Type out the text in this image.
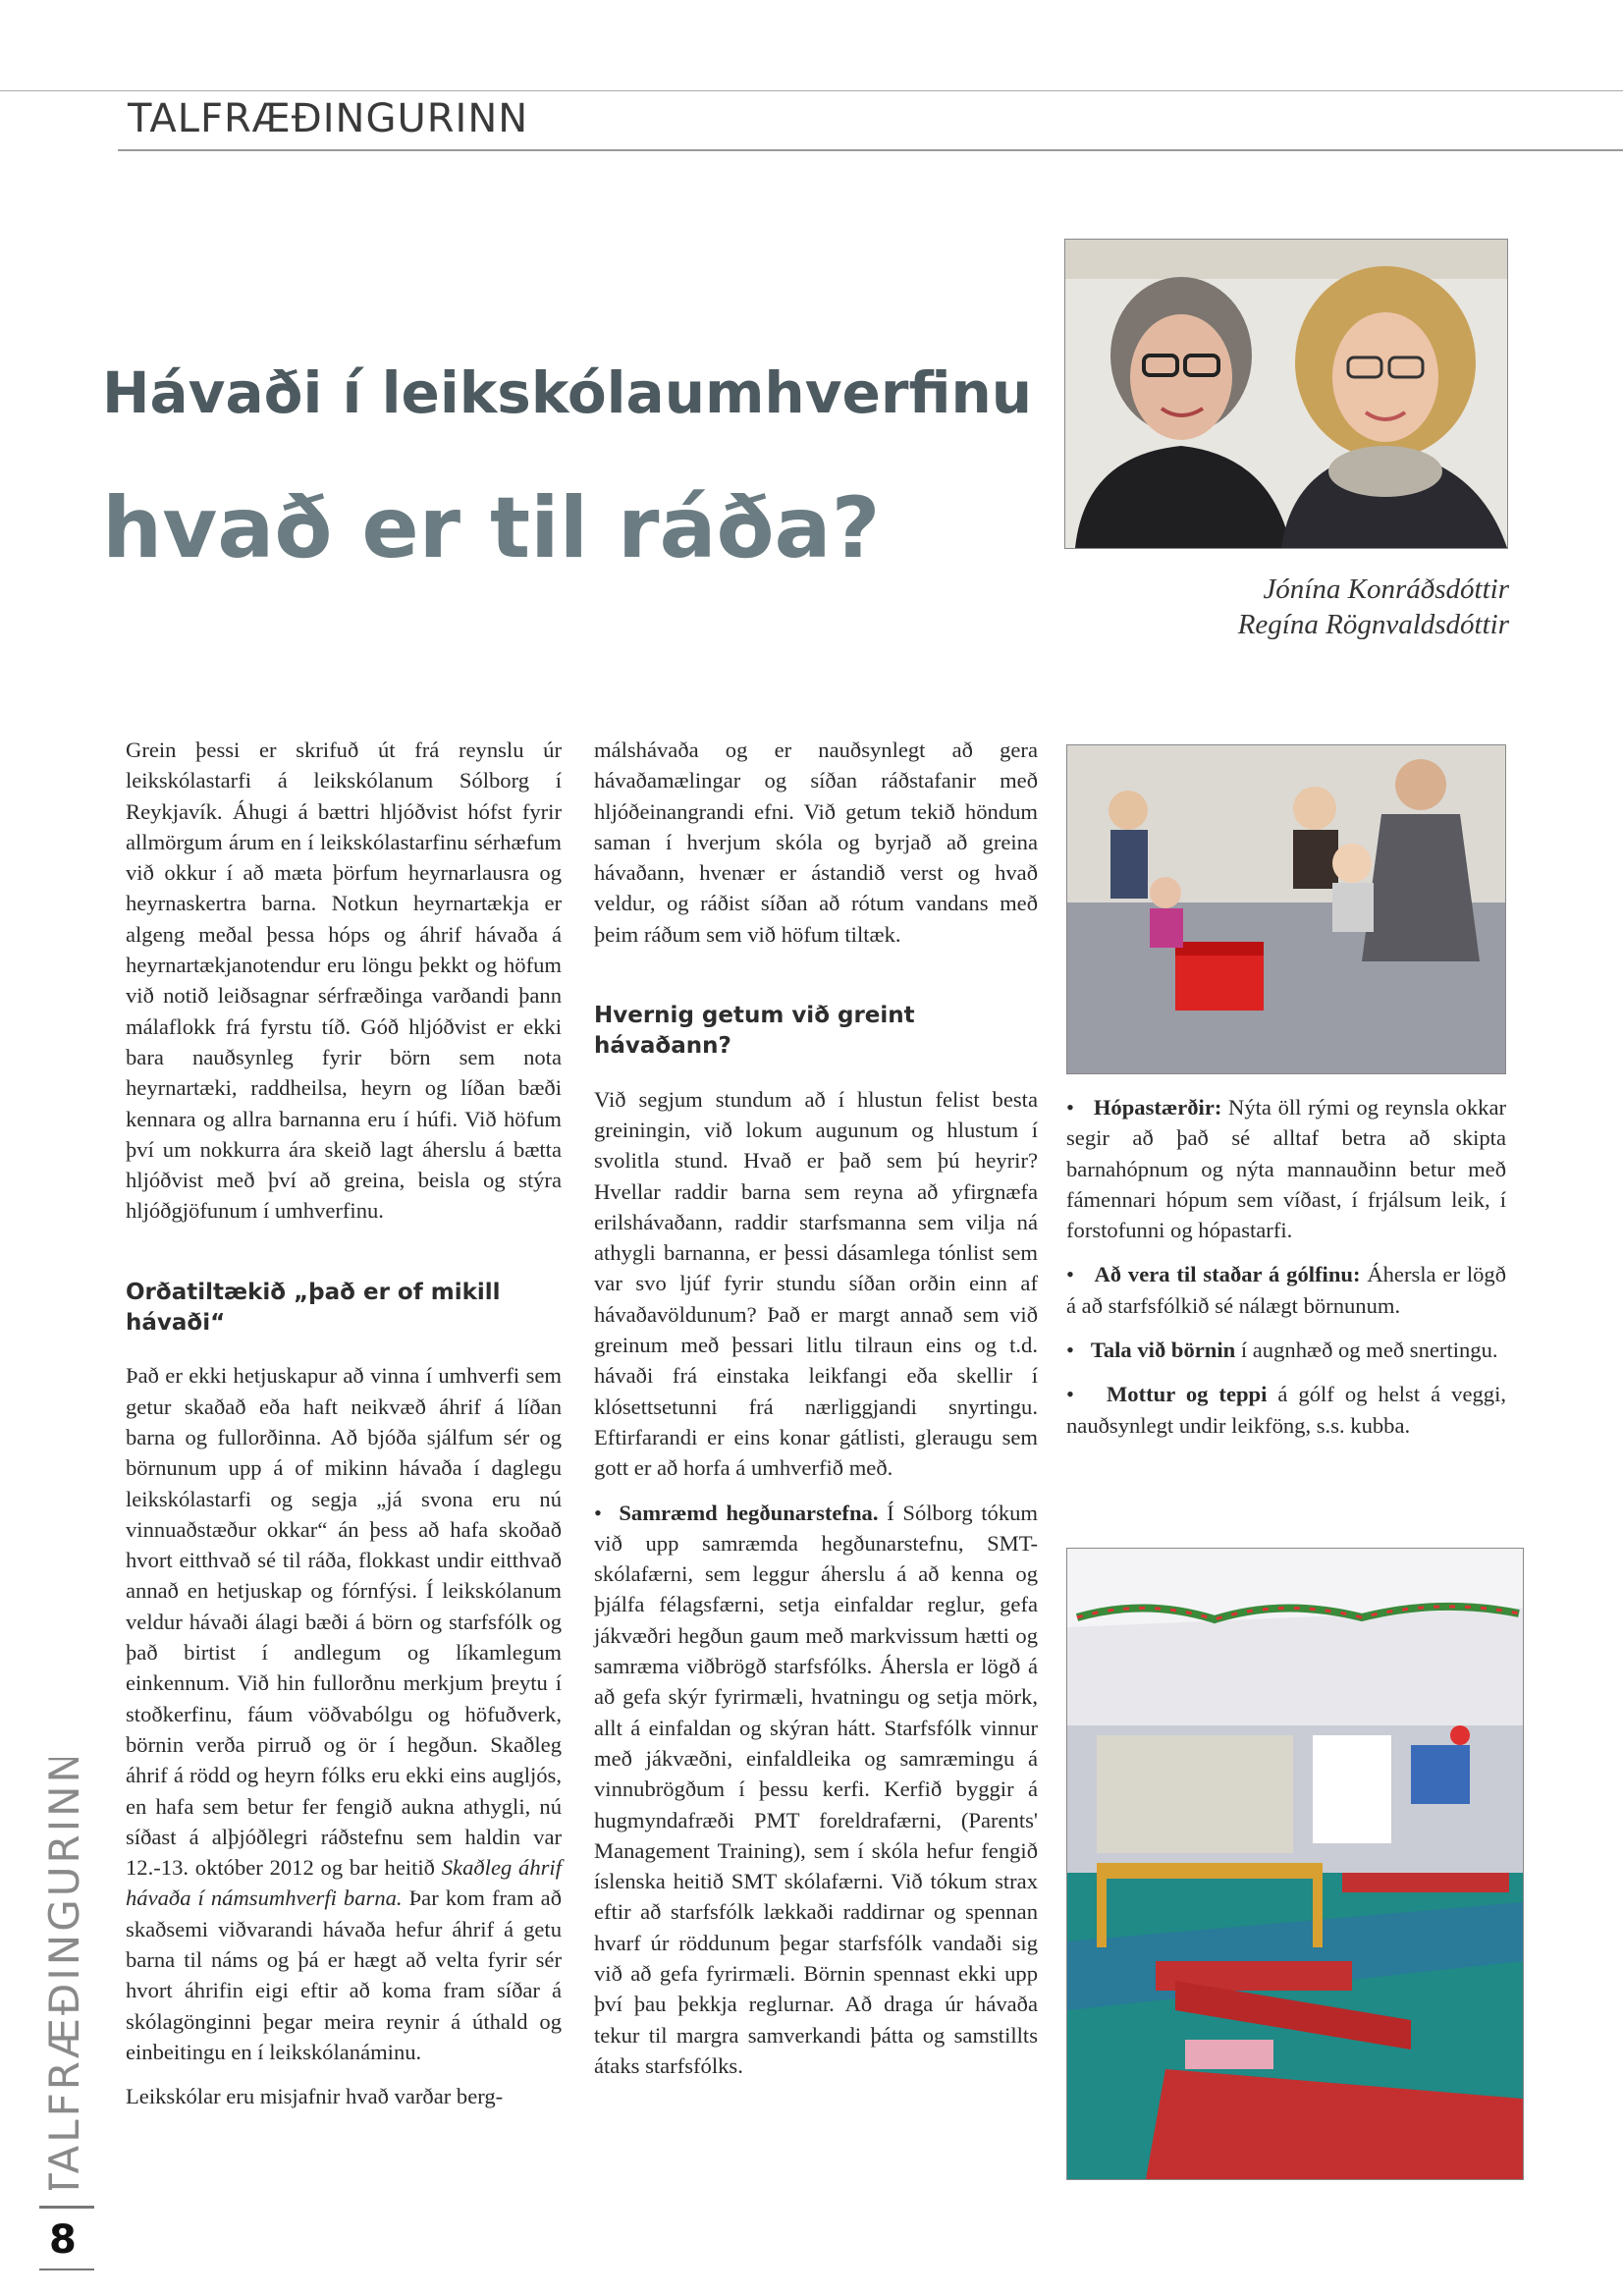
TALFRÆÐINGURINN
Hávaði í leikskólaumhverfinu
hvað er til ráða?
Jónína Konráðsdóttir
Regína Rögnvaldsdóttir

Grein þessi er skrifuð út frá reynslu úr leikskólastarfi á leikskólanum Sólborg í Reykjavík. Áhugi á bættri hljóðvist hófst fyrir allmörgum árum en í leikskólastarfinu sérhæfum við okkur í að mæta þörfum heyrnarlausra og heyrnaskertra barna. Notkun heyrnartækja er algeng meðal þessa hóps og áhrif hávaða á heyrnartækjanotendur eru löngu þekkt og höfum við notið leiðsagnar sérfræðinga varðandi þann málaflokk frá fyrstu tíð. Góð hljóðvist er ekki bara nauðsynleg fyrir börn sem nota heyrnartæki, raddheilsa, heyrn og líðan bæði kennara og allra barnanna eru í húfi. Við höfum því um nokkurra ára skeið lagt áherslu á bætta hljóðvist með því að greina, beisla og stýra hljóðgjöfunum í umhverfinu.

Orðatiltækið „það er of mikill hávaði“

Það er ekki hetjuskapur að vinna í umhverfi sem getur skaðað eða haft neikvæð áhrif á líðan barna og fullorðinna. Að bjóða sjálfum sér og börnunum upp á of mikinn hávaða í daglegu leikskólastarfi og segja „já svona eru nú vinnuaðstæður okkar“ án þess að hafa skoðað hvort eitthvað sé til ráða, flokkast undir eitthvað annað en hetjuskap og fórnfýsi. Í leikskólanum veldur hávaði álagi bæði á börn og starfsfólk og það birtist í andlegum og líkamlegum einkennum. Við hin fullorðnu merkjum þreytu í stoðkerfinu, fáum vöðvabólgu og höfuðverk, börnin verða pirruð og ör í hegðun. Skaðleg áhrif á rödd og heyrn fólks eru ekki eins augljós, en hafa sem betur fer fengið aukna athygli, nú síðast á alþjóðlegri ráðstefnu sem haldin var 12.-13. október 2012 og bar heitið Skaðleg áhrif hávaða í námsumhverfi barna. Þar kom fram að skaðsemi viðvarandi hávaða hefur áhrif á getu barna til náms og þá er hægt að velta fyrir sér hvort áhrifin eigi eftir að koma fram síðar á skólagönginni þegar meira reynir á úthald og einbeitingu en í leikskólanáminu.

Leikskólar eru misjafnir hvað varðar berg-

málshávaða og er nauðsynlegt að gera hávaðamælingar og síðan ráðstafanir með hljóðeinangrandi efni. Við getum tekið höndum saman í hverjum skóla og byrjað að greina hávaðann, hvenær er ástandið verst og hvað veldur, og ráðist síðan að rótum vandans með þeim ráðum sem við höfum tiltæk.

Hvernig getum við greint hávaðann?

Við segjum stundum að í hlustun felist besta greiningin, við lokum augunum og hlustum í svolitla stund. Hvað er það sem þú heyrir? Hvellar raddir barna sem reyna að yfirgnæfa erilshávaðann, raddir starfsmanna sem vilja ná athygli barnanna, er þessi dásamlega tónlist sem var svo ljúf fyrir stundu síðan orðin einn af hávaðavöldunum? Það er margt annað sem við greinum með þessari litlu tilraun eins og t.d. hávaði frá einstaka leikfangi eða skellir í klósettsetunni frá nærliggjandi snyrtingu. Eftirfarandi er eins konar gátlisti, gleraugu sem gott er að horfa á umhverfið með.

•  Samræmd hegðunarstefna. Í Sólborg tókum við upp samræmda hegðunarstefnu, SMT-skólafærni, sem leggur áherslu á að kenna og þjálfa félagsfærni, setja einfaldar reglur, gefa jákvæðri hegðun gaum með markvissum hætti og samræma viðbrögð starfsfólks. Áhersla er lögð á að gefa skýr fyrirmæli, hvatningu og setja mörk, allt á einfaldan og skýran hátt. Starfsfólk vinnur með jákvæðni, einfaldleika og samræmingu á vinnubrögðum í þessu kerfi. Kerfið byggir á hugmyndafræði PMT foreldrafærni, (Parents' Management Training), sem í skóla hefur fengið íslenska heitið SMT skólafærni. Við tókum strax eftir að starfsfólk lækkaði raddirnar og spennan hvarf úr röddunum þegar starfsfólk vandaði sig við að gefa fyrirmæli. Börnin spennast ekki upp því þau þekkja reglurnar. Að draga úr hávaða tekur til margra samverkandi þátta og samstillts átaks starfsfólks.

•   Hópastærðir: Nýta öll rými og reynsla okkar segir að það sé alltaf betra að skipta barnahópnum og nýta mannauðinn betur með fámennari hópum sem víðast, í frjálsum leik, í forstofunni og hópastarfi.

•   Að vera til staðar á gólfinu: Áhersla er lögð á að starfsfólkið sé nálægt börnunum.

•   Tala við börnin í augnhæð og með snertingu.

•   Mottur og teppi á gólf og helst á veggi, nauðsynlegt undir leikföng, s.s. kubba.

TALFRÆÐINGURINN
8
